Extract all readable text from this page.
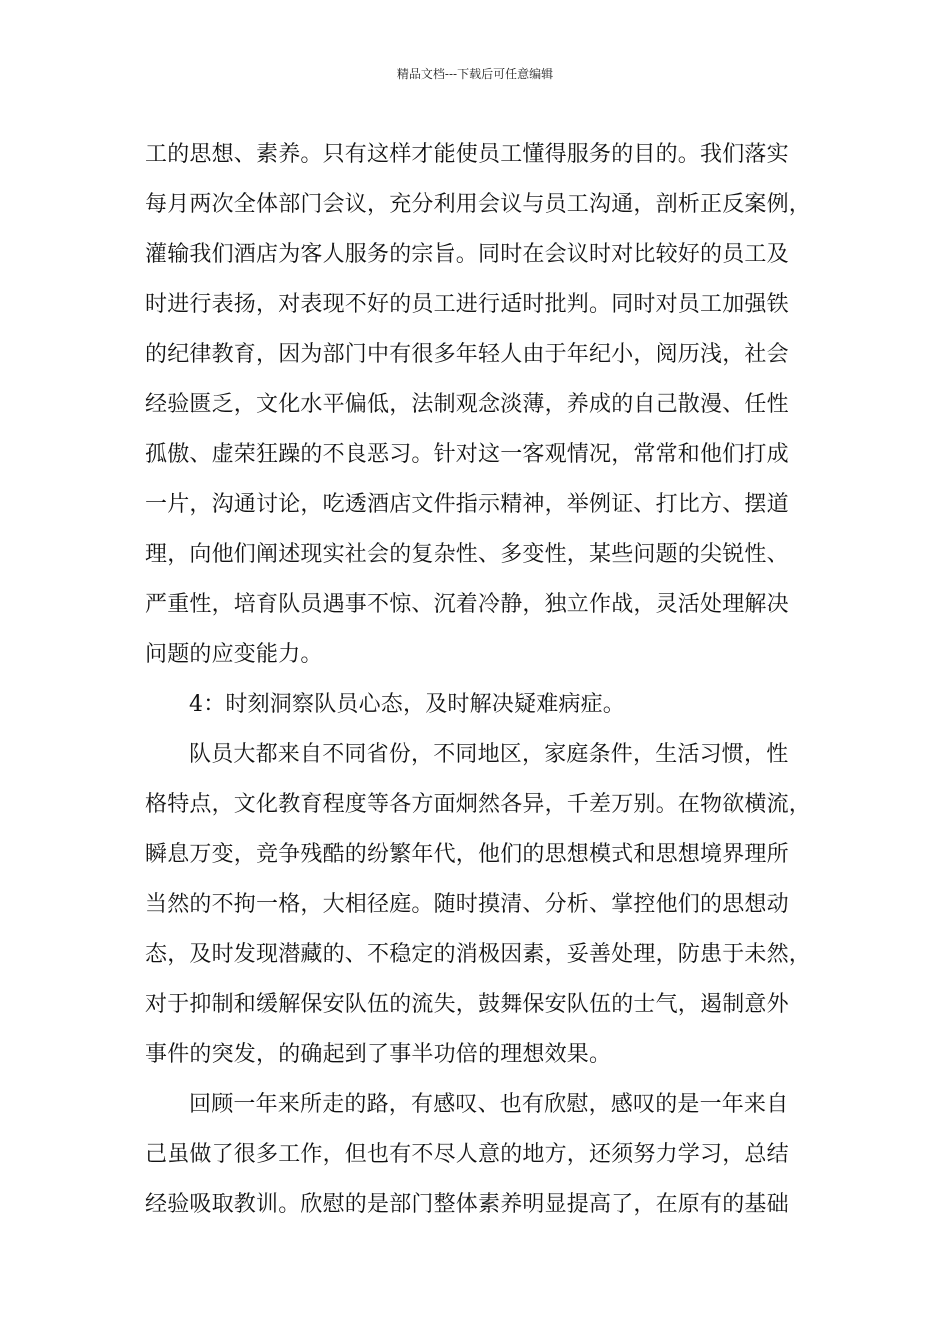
精品文档---下载后可任意编辑
工的思想、素养。只有这样才能使员工懂得服务的目的。我们落实
每月两次全体部门会议，充分利用会议与员工沟通，剖析正反案例，
灌输我们酒店为客人服务的宗旨。同时在会议时对比较好的员工及
时进行表扬，对表现不好的员工进行适时批判。同时对员工加强铁
的纪律教育，因为部门中有很多年轻人由于年纪小，阅历浅，社会
经验匮乏，文化水平偏低，法制观念淡薄，养成的自己散漫、任性
孤傲、虚荣狂躁的不良恶习。针对这一客观情况，常常和他们打成
一片，沟通讨论，吃透酒店文件指示精神，举例证、打比方、摆道
理，向他们阐述现实社会的复杂性、多变性，某些问题的尖锐性、
严重性，培育队员遇事不惊、沉着冷静，独立作战，灵活处理解决
问题的应变能力。
4：时刻洞察队员心态，及时解决疑难病症。
队员大都来自不同省份，不同地区，家庭条件，生活习惯，性
格特点，文化教育程度等各方面炯然各异，千差万别。在物欲横流，
瞬息万变，竞争残酷的纷繁年代，他们的思想模式和思想境界理所
当然的不拘一格，大相径庭。随时摸清、分析、掌控他们的思想动
态，及时发现潜藏的、不稳定的消极因素，妥善处理，防患于未然，
对于抑制和缓解保安队伍的流失，鼓舞保安队伍的士气，遏制意外
事件的突发，的确起到了事半功倍的理想效果。
回顾一年来所走的路，有感叹、也有欣慰，感叹的是一年来自
己虽做了很多工作，但也有不尽人意的地方，还须努力学习，总结
经验吸取教训。欣慰的是部门整体素养明显提高了，在原有的基础
